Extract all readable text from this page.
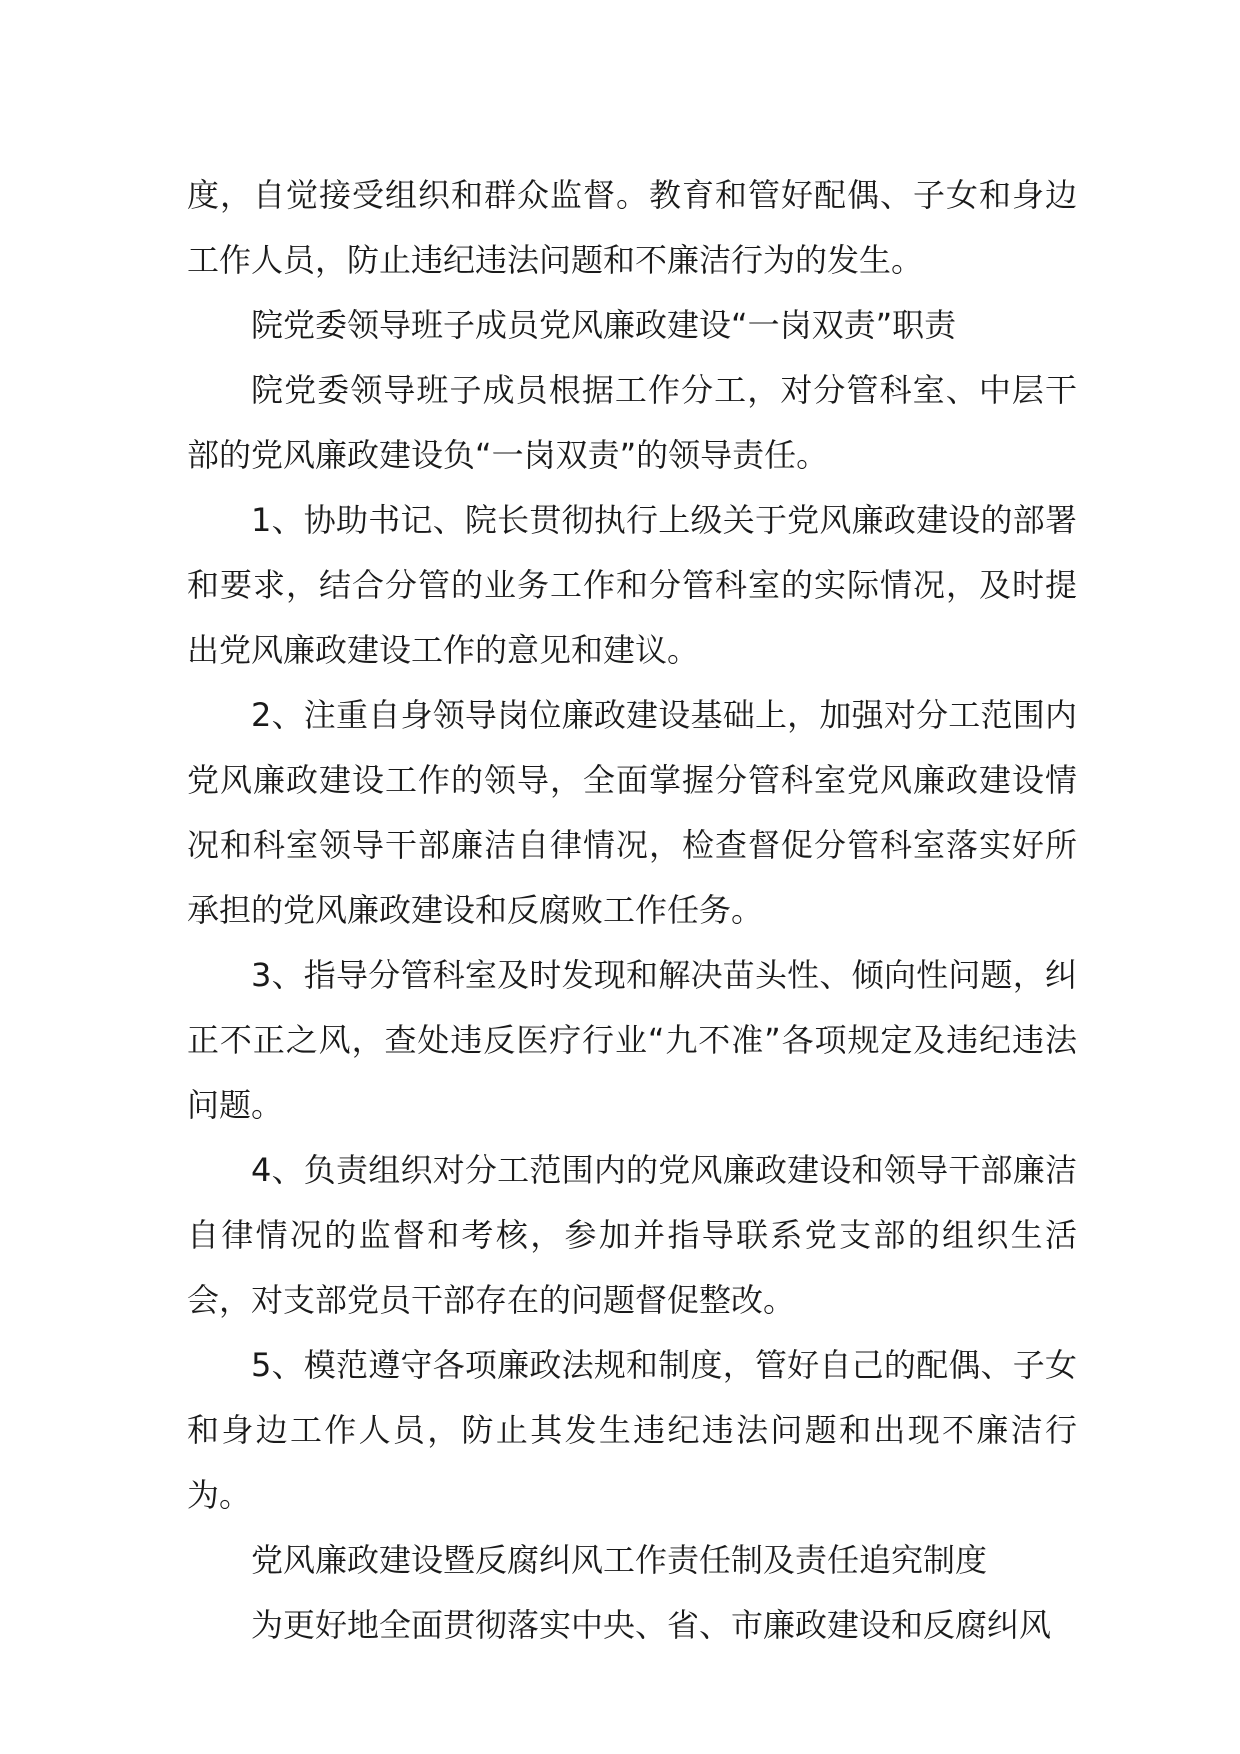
度，自觉接受组织和群众监督。教育和管好配偶、子女和身边工作人员，防止违纪违法问题和不廉洁行为的发生。

院党委领导班子成员党风廉政建设“一岗双责”职责

院党委领导班子成员根据工作分工，对分管科室、中层干部的党风廉政建设负“一岗双责”的领导责任。

1、协助书记、院长贯彻执行上级关于党风廉政建设的部署和要求，结合分管的业务工作和分管科室的实际情况，及时提出党风廉政建设工作的意见和建议。

2、注重自身领导岗位廉政建设基础上，加强对分工范围内党风廉政建设工作的领导，全面掌握分管科室党风廉政建设情况和科室领导干部廉洁自律情况，检查督促分管科室落实好所承担的党风廉政建设和反腐败工作任务。

3、指导分管科室及时发现和解决苗头性、倾向性问题，纠正不正之风，查处违反医疗行业“九不准”各项规定及违纪违法问题。

4、负责组织对分工范围内的党风廉政建设和领导干部廉洁自律情况的监督和考核，参加并指导联系党支部的组织生活会，对支部党员干部存在的问题督促整改。

5、模范遵守各项廉政法规和制度，管好自己的配偶、子女和身边工作人员，防止其发生违纪违法问题和出现不廉洁行为。

党风廉政建设暨反腐纠风工作责任制及责任追究制度

为更好地全面贯彻落实中央、省、市廉政建设和反腐纠风
